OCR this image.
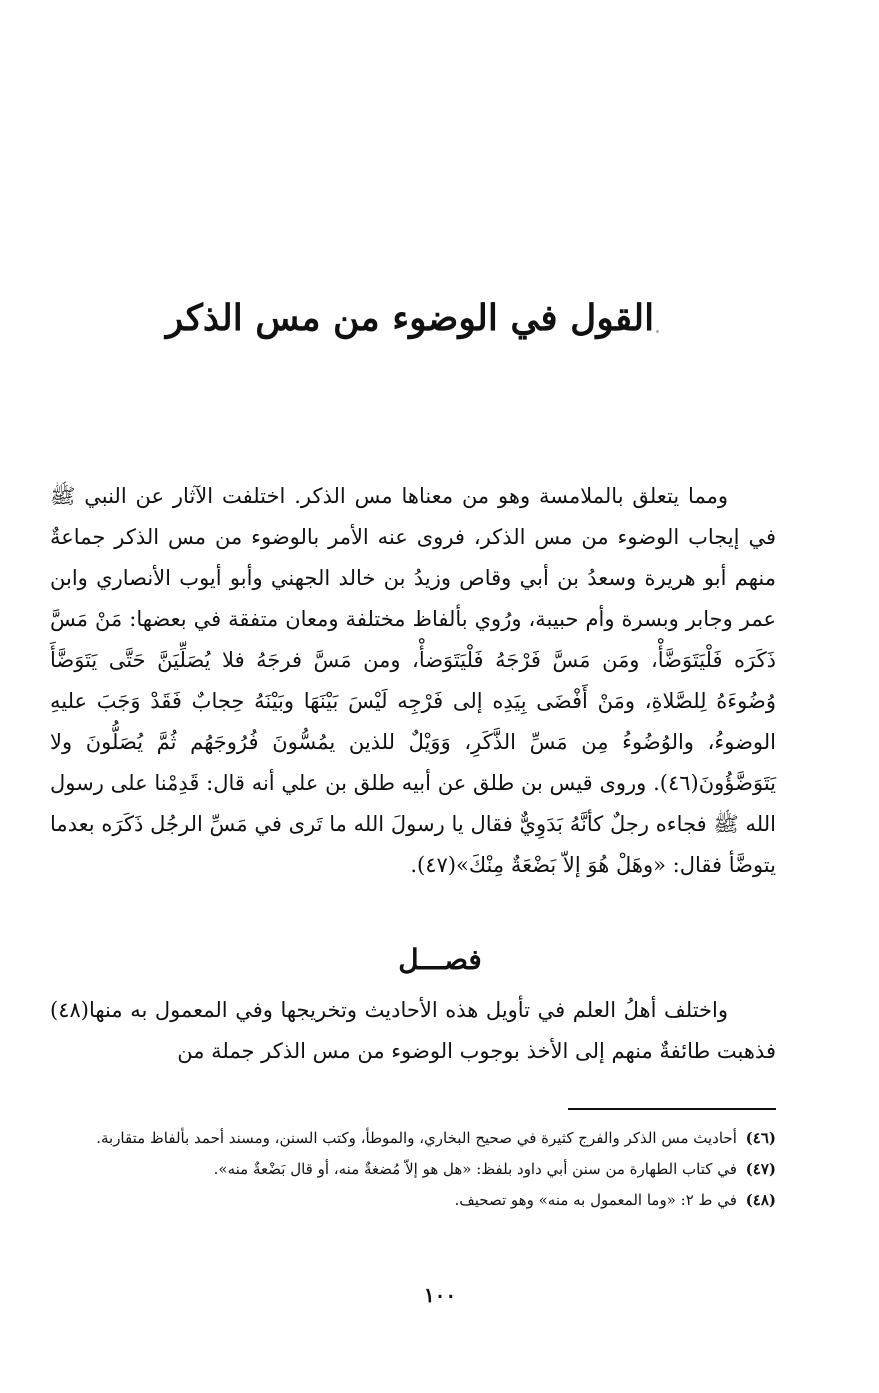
القول في الوضوء من مس الذكر

ومما يتعلق بالملامسة وهو من معناها مس الذكر. اختلفت الآثار عن النبي ﷺ في إيجاب الوضوء من مس الذكر، فروى عنه الأمر بالوضوء من مس الذكر جماعةٌ منهم أبو هريرة وسعدُ بن أبي وقاص وزيدُ بن خالد الجهني وأبو أيوب الأنصاري وابن عمر وجابر وبسرة وأم حبيبة، ورُوي بألفاظ مختلفة ومعان متفقة في بعضها: مَنْ مَسَّ ذَكَرَه فَلْيَتَوَضَّأْ، ومَن مَسَّ فَرْجَهُ فَلْيَتَوَضأْ، ومن مَسَّ فرجَهُ فلا يُصَلِّيَنَّ حَتَّى يَتَوَضَّأَ وُضُوءَهُ لِلصَّلاةِ، ومَنْ أَفْضَى بِيَدِه إلى فَرْجِه لَيْسَ بَيْنَهَا وبَيْنَهُ حِجابٌ فَقَدْ وَجَبَ عليهِ الوضوءُ، والوُضُوءُ مِن مَسِّ الذَّكَرِ، وَوَيْلٌ للذين يمُسُّونَ فُرُوجَهُم ثُمَّ يُصَلُّونَ ولا يَتَوَضَّؤُونَ(٤٦). وروى قيس بن طلق عن أبيه طلق بن علي أنه قال: قَدِمْنا على رسول الله ﷺ فجاءه رجلٌ كأنَّهُ بَدَوِيٌّ فقال يا رسولَ الله ما تَرى في مَسِّ الرجُل ذَكَرَه بعدما يتوضَّأ فقال: «وهَلْ هُوَ إلاّ بَضْعَةٌ مِنْكَ»(٤٧).

فصـــل

واختلف أهلُ العلم في تأويل هذه الأحاديث وتخريجها وفي المعمول به منها(٤٨) فذهبت طائفةٌ منهم إلى الأخذ بوجوب الوضوء من مس الذكر جملة من

(٤٦) أحاديث مس الذكر والفرج كثيرة في صحيح البخاري، والموطأ، وكتب السنن، ومسند أحمد بألفاظ متقاربة.

(٤٧) في كتاب الطهارة من سنن أبي داود بلفظ: «هل هو إلاّ مُضغةٌ منه، أو قال بَضْعةٌ منه».

(٤٨) في ط ٢: «وما المعمول به منه» وهو تصحيف.

١٠٠
